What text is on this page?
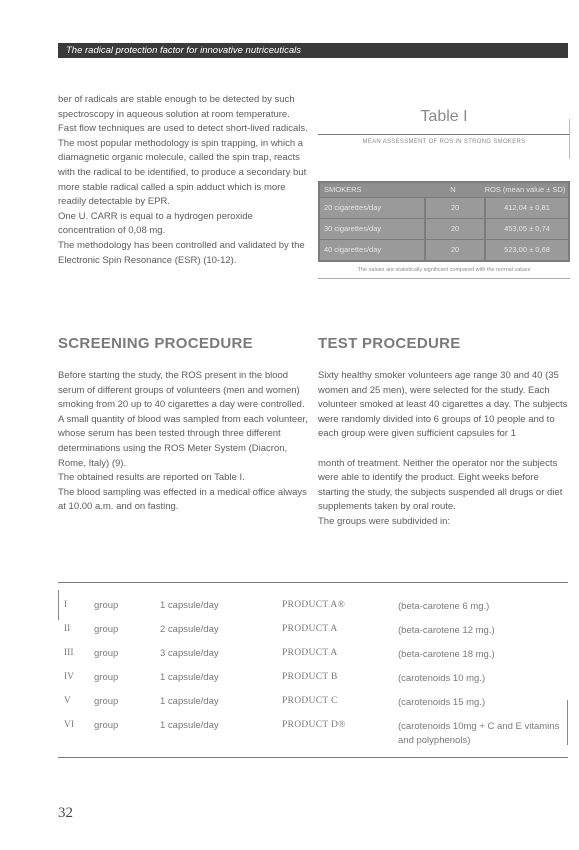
The radical protection factor for innovative nutriceuticals

ber of radicals are stable enough to be detected by such spectroscopy in aqueous solution at room temperature. Fast flow techniques are used to detect short-lived radicals. The most popular methodology is spin trapping, in which a diamagnetic organic molecule, called the spin trap, reacts with the radical to be identified, to produce a secondary but more stable radical called a spin adduct which is more readily detectable by EPR.

One U. CARR is equal to a hydrogen peroxide concentration of 0,08 mg.

The methodology has been controlled and validated by the Electronic Spin Resonance (ESR) (10-12).

Table I
MEAN ASSESSMENT OF ROS IN STRONG SMOKERS
SMOKERS	N	ROS (mean value ± SD)
20 cigarettes/day	20	412,04 ± 0,81
30 cigarettes/day	20	453,05 ± 0,74
40 cigarettes/day	20	523,00 ± 0,68
The values are statistically significant compared with the normal values
SCREENING PROCEDURE	TEST PROCEDURE

Before starting the study, the ROS present in the blood serum of different groups of volunteers (men and women) smoking from 20 up to 40 cigarettes a day were controlled.

A small quantity of blood was sampled from each volunteer, whose serum has been tested through three different determinations using the ROS Meter System (Diacron, Rome, Italy) (9).

The obtained results are reported on Table I.

The blood sampling was effected in a medical office always at 10.00 a.m. and on fasting.

Sixty healthy smoker volunteers age range 30 and 40 (35 women and 25 men), were selected for the study. Each volunteer smoked at least 40 cigarettes a day. The subjects were randomly divided into 6 groups of 10 people and to each group were given sufficient capsules for 1

month of treatment. Neither the operator nor the subjects were able to identify the product. Eight weeks before starting the study, the subjects suspended all drugs or diet supplements taken by oral route.

The groups were subdivided in:

I	group	1 capsule/day	PRODUCT A®	(beta-carotene 6 mg.)
II group	2 capsule/day	PRODUCT A	(beta-carotene 12 mg.)
III group	3 capsule/day	PRODUCT A	(beta-carotene 18 mg.)
IV group	1 capsule/day	PRODUCT B	(carotenoids 10 mg.)
V group	1 capsule/day	PRODUCT C	(carotenoids 15 mg.)
VI group	1 capsule/day	PRODUCT D®	(carotenoids 10mg + C and E vitamins and polyphenols)
32
